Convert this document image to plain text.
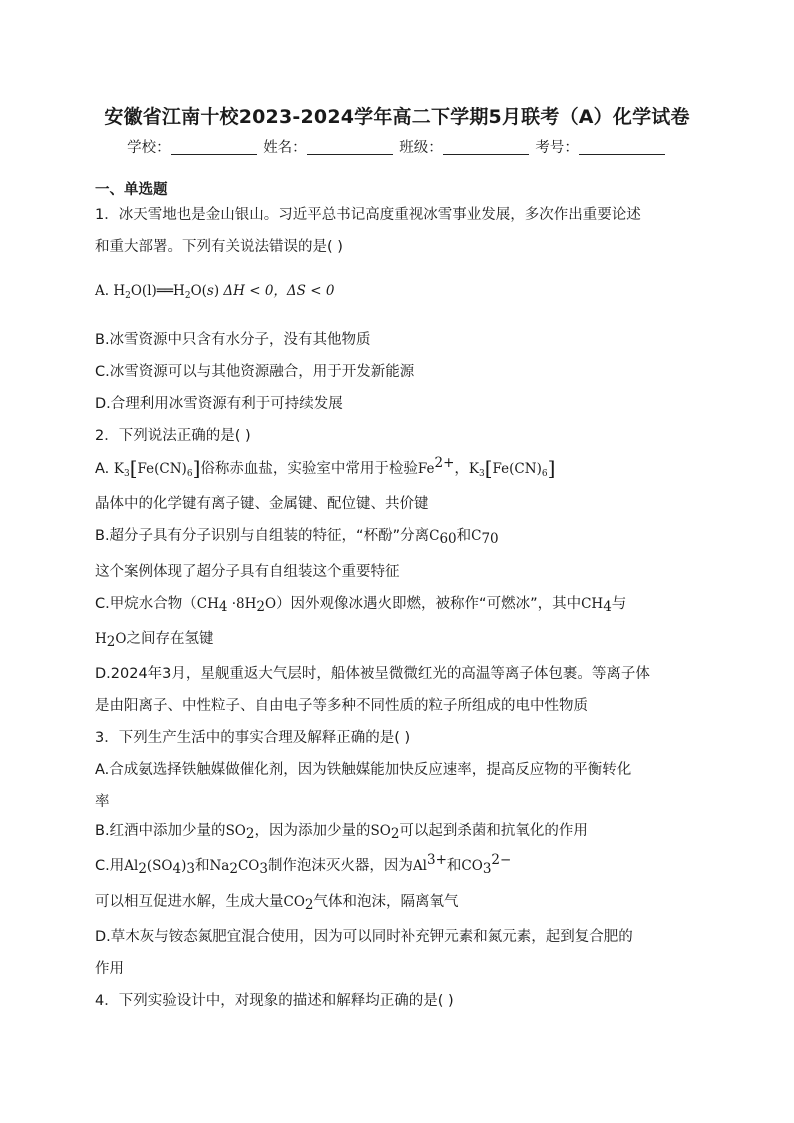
安徽省江南十校2023-2024学年高二下学期5月联考（A）化学试卷
学校：	姓名：	班级：	考号：
一、单选题
1．冰天雪地也是金山银山。习近平总书记高度重视冰雪事业发展，多次作出重要论述
和重大部署。下列有关说法错误的是( )
A. $H_2O(l)══H_2O(s) \Delta H < 0$，ΔS < 0
B.冰雪资源中只含有水分子，没有其他物质
C.冰雪资源可以与其他资源融合，用于开发新能源
D.合理利用冰雪资源有利于可持续发展
2．下列说法正确的是( )
A. $K_3[Fe(CN)_6]$俗称赤血盐，实验室中常用于检验$Fe^{2+}$，$K_3[Fe(CN)_6]$
晶体中的化学键有离子键、金属键、配位键、共价键
B.超分子具有分子识别与自组装的特征，“杯酚”分离$C_{60}$和$C_{70}$
这个案例体现了超分子具有自组装这个重要特征
C.甲烷水合物$(CH_4 \cdot 8H_2O)$因外观像冰遇火即燃，被称作“可燃冰”，其中$CH_4$与
$H_2O$之间存在氢键
D.2024年3月，星舰重返大气层时，船体被呈微微红光的高温等离子体包裹。等离子体
是由阳离子、中性粒子、自由电子等多种不同性质的粒子所组成的电中性物质
3．下列生产生活中的事实合理及解释正确的是( )
A.合成氨选择铁触媒做催化剂，因为铁触媒能加快反应速率，提高反应物的平衡转化
率
B.红酒中添加少量的$SO_2$，因为添加少量的$SO_2$可以起到杀菌和抗氧化的作用
C.用$Al_2(SO_4)_3$和$Na_2CO_3$制作泡沫灭火器，因为$Al^{3+}$和$CO_3^{2-}$
可以相互促进水解，生成大量$CO_2$气体和泡沫，隔离氧气
D.草木灰与铵态氮肥宜混合使用，因为可以同时补充钾元素和氮元素，起到复合肥的
作用
4．下列实验设计中，对现象的描述和解释均正确的是( )
